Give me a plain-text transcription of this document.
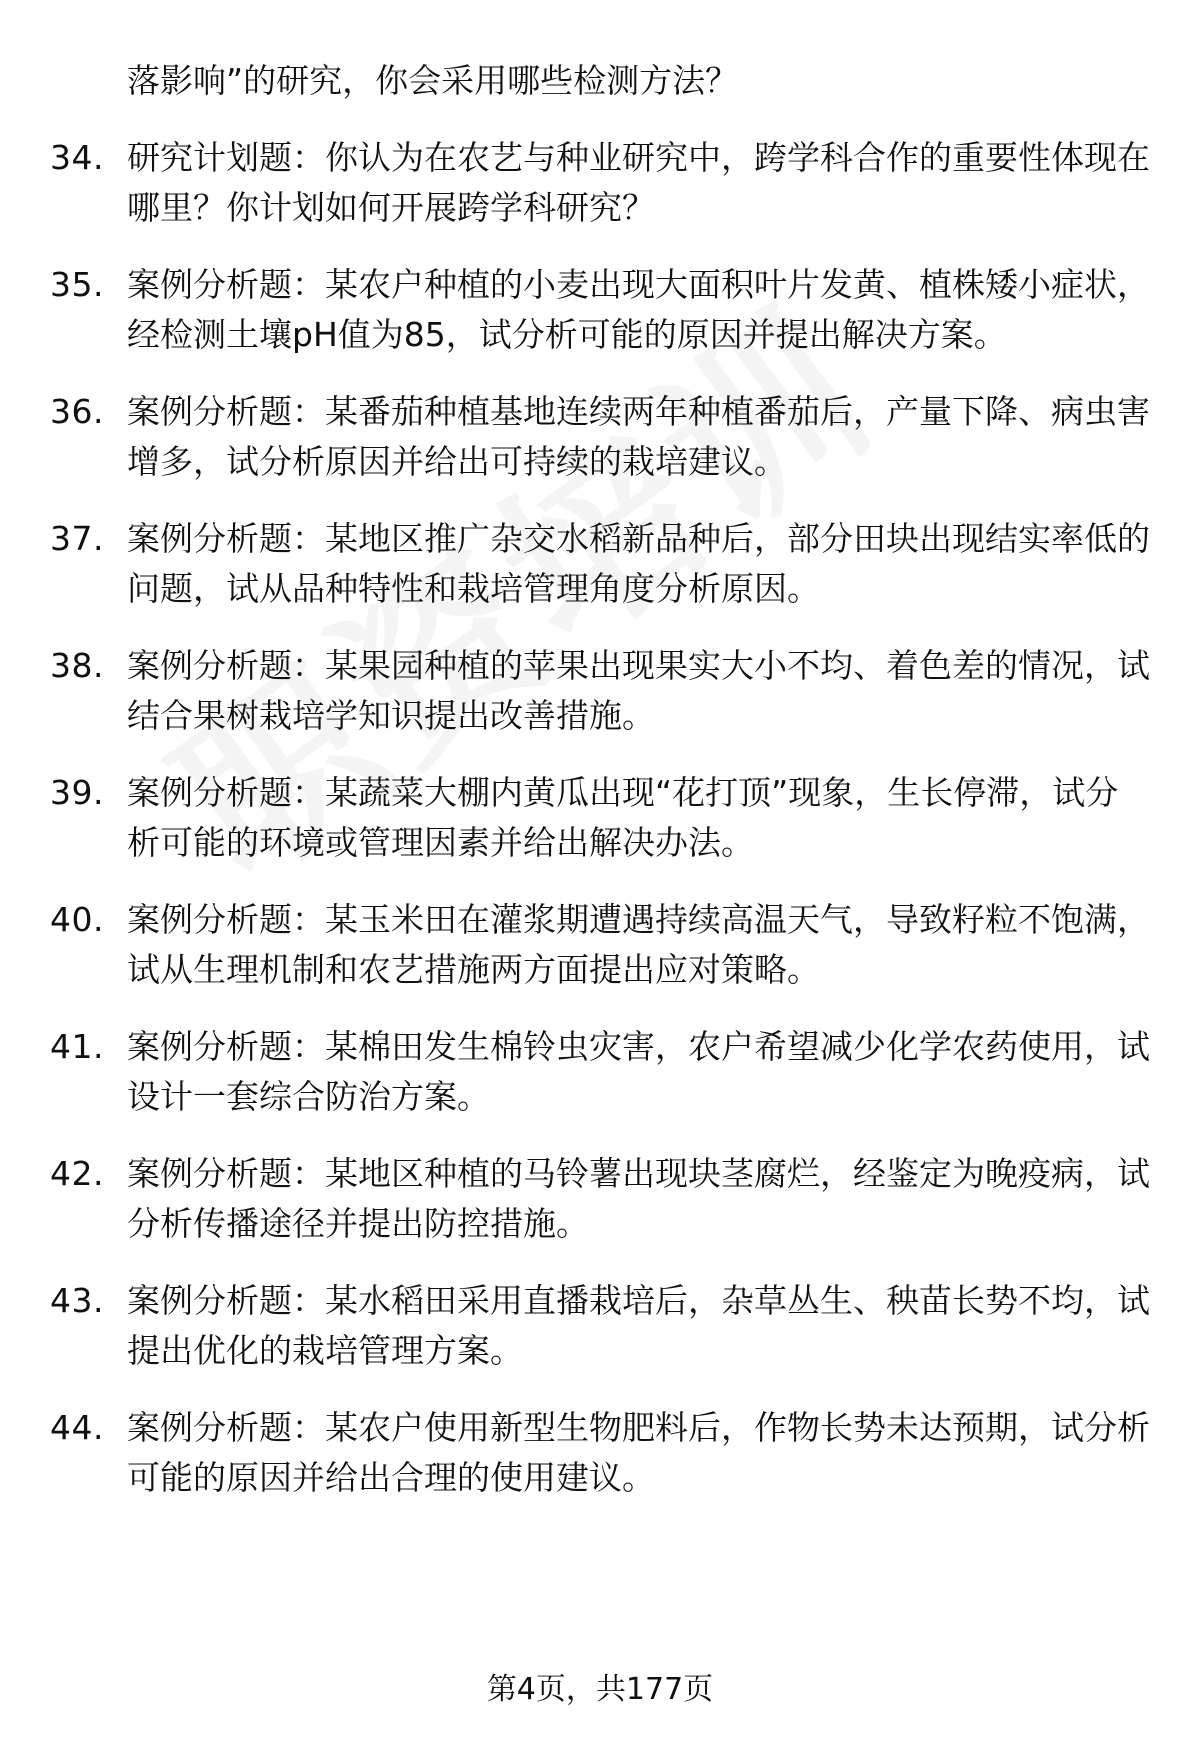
落影响”的研究，你会采用哪些检测方法？
34. 研究计划题：你认为在农艺与种业研究中，跨学科合作的重要性体现在哪里？你计划如何开展跨学科研究？
35. 案例分析题：某农户种植的小麦出现大面积叶片发黄、植株矮小症状，经检测土壤pH值为85，试分析可能的原因并提出解决方案。
36. 案例分析题：某番茄种植基地连续两年种植番茄后，产量下降、病虫害增多，试分析原因并给出可持续的栽培建议。
37. 案例分析题：某地区推广杂交水稻新品种后，部分田块出现结实率低的问题，试从品种特性和栽培管理角度分析原因。
38. 案例分析题：某果园种植的苹果出现果实大小不均、着色差的情况，试结合果树栽培学知识提出改善措施。
39. 案例分析题：某蔬菜大棚内黄瓜出现“花打顶”现象，生长停滞，试分析可能的环境或管理因素并给出解决办法。
40. 案例分析题：某玉米田在灌浆期遭遇持续高温天气，导致籽粒不饱满，试从生理机制和农艺措施两方面提出应对策略。
41. 案例分析题：某棉田发生棉铃虫灾害，农户希望减少化学农药使用，试设计一套综合防治方案。
42. 案例分析题：某地区种植的马铃薯出现块茎腐烂，经鉴定为晚疫病，试分析传播途径并提出防控措施。
43. 案例分析题：某水稻田采用直播栽培后，杂草丛生、秧苗长势不均，试提出优化的栽培管理方案。
44. 案例分析题：某农户使用新型生物肥料后，作物长势未达预期，试分析可能的原因并给出合理的使用建议。
第4页，共177页
